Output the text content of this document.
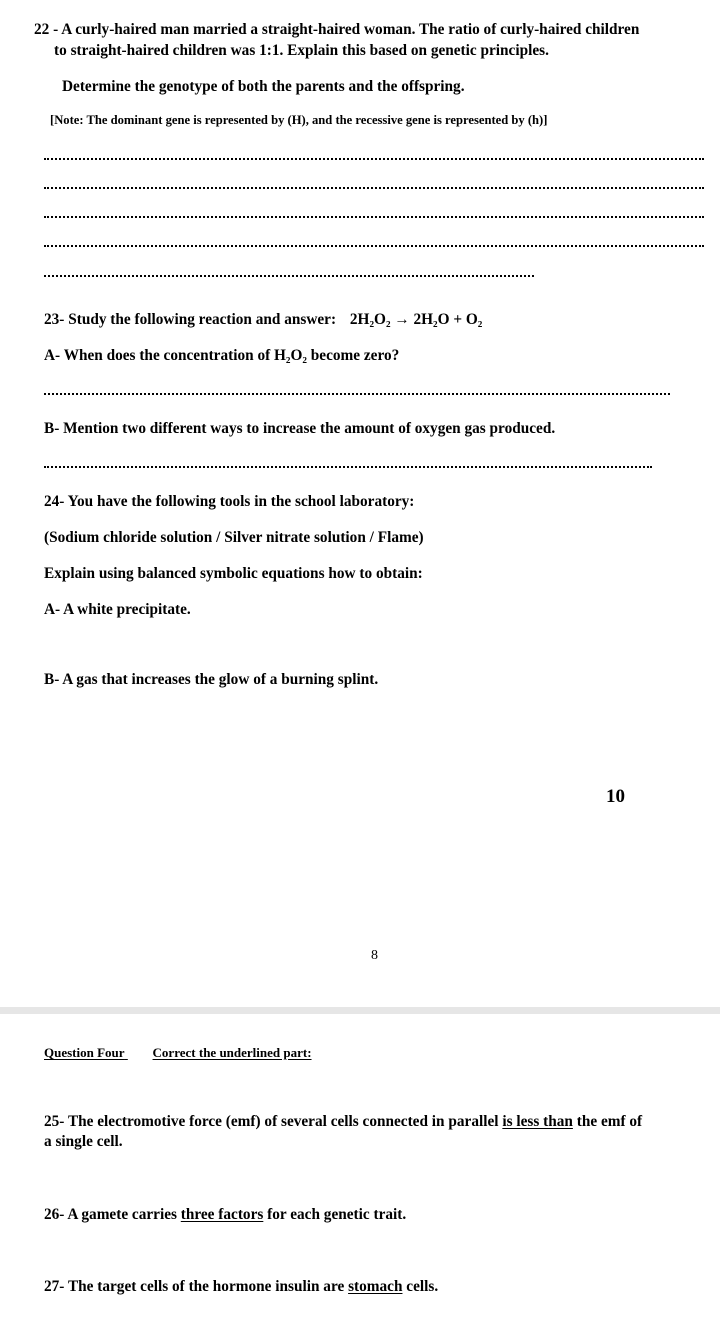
22 - A curly-haired man married a straight-haired woman. The ratio of curly-haired children
to straight-haired children was 1:1. Explain this based on genetic principles.
Determine the genotype of both the parents and the offspring.
[Note: The dominant gene is represented by (H), and the recessive gene is represented by (h)]
23- Study the following reaction and answer: 2H₂O₂ → 2H₂O + O₂
A- When does the concentration of H₂O₂ become zero?
B- Mention two different ways to increase the amount of oxygen gas produced.
24- You have the following tools in the school laboratory:
(Sodium chloride solution / Silver nitrate solution / Flame)
Explain using balanced symbolic equations how to obtain:
A- A white precipitate.
B- A gas that increases the glow of a burning splint.
10
8
Question Four Correct the underlined part:
25- The electromotive force (emf) of several cells connected in parallel is less than the emf of
a single cell.
26- A gamete carries three factors for each genetic trait.
27- The target cells of the hormone insulin are stomach cells.
